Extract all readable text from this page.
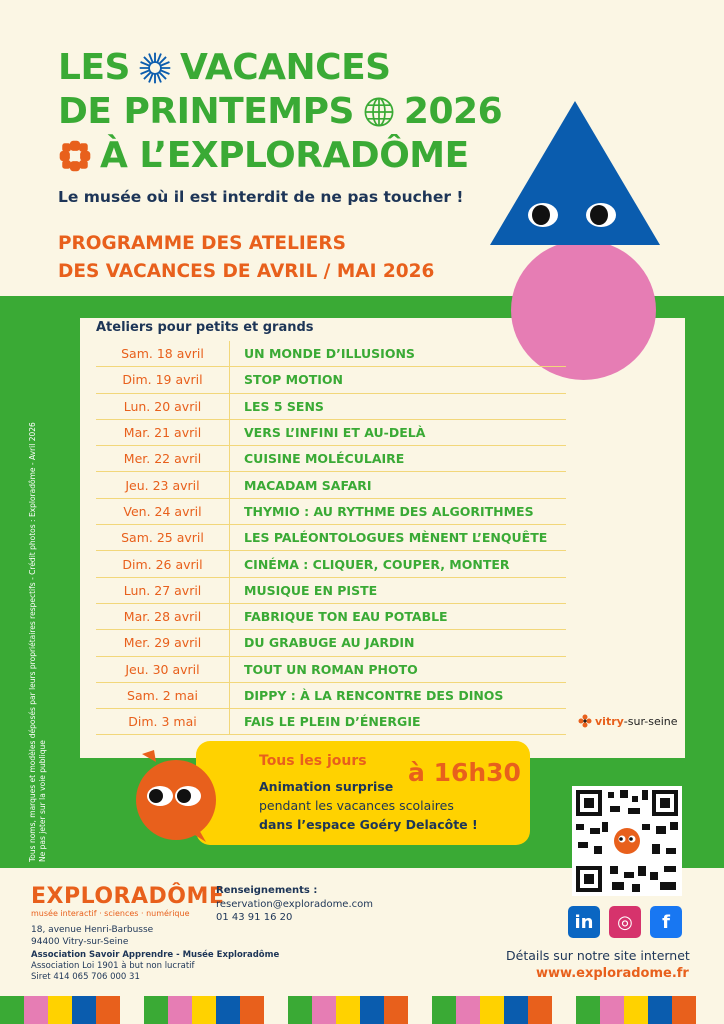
LES VACANCES
DE PRINTEMPS 2026
À L’EXPLORADÔME
Le musée où il est interdit de ne pas toucher !
PROGRAMME DES ATELIERS
DES VACANCES DE AVRIL / MAI 2026
Ateliers pour petits et grands
Sam. 18 avril	UN MONDE D’ILLUSIONS
Dim. 19 avril	STOP MOTION
Lun. 20 avril	LES 5 SENS
Mar. 21 avril	VERS L’INFINI ET AU-DELÀ
Mer. 22 avril	CUISINE MOLÉCULAIRE
Jeu. 23 avril	MACADAM SAFARI
Ven. 24 avril	THYMIO : AU RYTHME DES ALGORITHMES
Sam. 25 avril	LES PALÉONTOLOGUES MÈNENT L’ENQUÊTE
Dim. 26 avril	CINÉMA : CLIQUER, COUPER, MONTER
Lun. 27 avril	MUSIQUE EN PISTE
Mar. 28 avril	FABRIQUE TON EAU POTABLE
Mer. 29 avril	DU GRABUGE AU JARDIN
Jeu. 30 avril	TOUT UN ROMAN PHOTO
Sam. 2 mai	DIPPY : À LA RENCONTRE DES DINOS
Dim. 3 mai	FAIS LE PLEIN D’ÉNERGIE	vitry-sur-seine
Tous noms, marques et modèles déposés par leurs propriétaires respectifs - Crédit photos : Exploradôme - Avril 2026 Ne pas jeter sur la voie publique	Tous les jours à 16h30
Animation surprise
pendant les vacances scolaires
dans l’espace Goéry Delacôte !
EXPLORADÔME
musée interactif · sciences · numérique
18, avenue Henri-Barbusse
94400 Vitry-sur-Seine
Association Savoir Apprendre - Musée Exploradôme
Association Loi 1901 à but non lucratif
Siret 414 065 706 000 31
Renseignements :
reservation@exploradome.com
01 43 91 16 20	in	◎	f
Détails sur notre site internet
www.exploradome.fr
